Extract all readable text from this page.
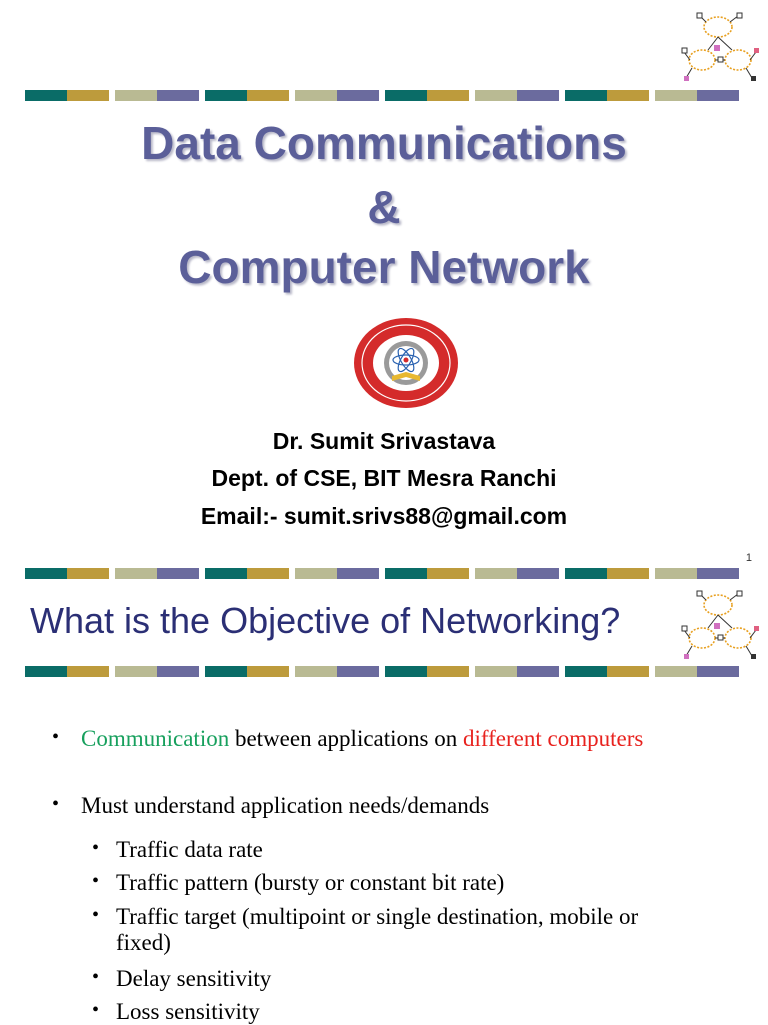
Data Communications
&
Computer Network
Dr. Sumit Srivastava
Dept. of CSE, BIT Mesra Ranchi
Email:- sumit.srivs88@gmail.com
1
What is the Objective of Networking?
• Communication between applications on different computers
• Must understand application needs/demands
• Traffic data rate
• Traffic pattern (bursty or constant bit rate)
• Traffic target (multipoint or single destination, mobile or
fixed)
• Delay sensitivity
• Loss sensitivity
